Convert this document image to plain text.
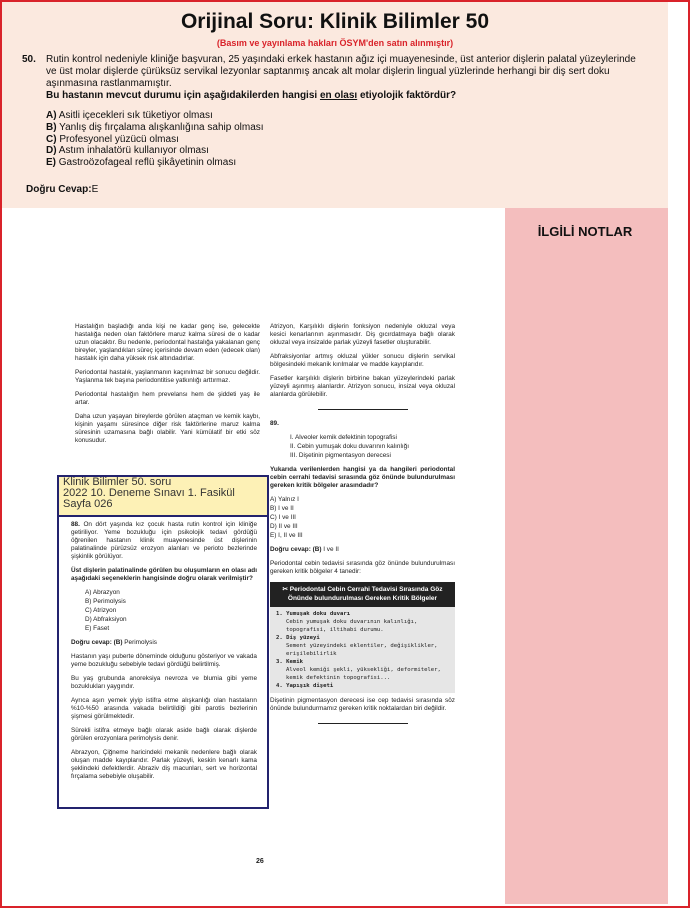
Orijinal Soru: Klinik Bilimler 50
(Basım ve yayınlama hakları ÖSYM'den satın alınmıştır)
50. Rutin kontrol nedeniyle kliniğe başvuran, 25 yaşındaki erkek hastanın ağız içi muayenesinde, üst anterior dişlerin palatal yüzeylerinde ve üst molar dişlerde çürüksüz servikal lezyonlar saptanmış ancak alt molar dişlerin lingual yüzlerinde herhangi bir diş sert doku aşınmasına rastlanmamıştır.
Bu hastanın mevcut durumu için aşağıdakilerden hangisi en olası etiyolojik faktördür?
A) Asitli içecekleri sık tüketiyor olması
B) Yanlış diş fırçalama alışkanlığına sahip olması
C) Profesyonel yüzücü olması
D) Astım inhalatörü kullanıyor olması
E) Gastroözofageal reflü şikâyetinin olması
Doğru Cevap:E
İLGİLİ NOTLAR

Hastalığın başladığı anda kişi ne kadar genç ise, gelecekte hastalığa neden olan faktörlere maruz kalma süresi de o kadar uzun olacaktır. Bu nedenle, periodontal hastalığa yakalanan genç bireyler, yaşlandıkları süreç içerisinde devam eden (edecek olan) hastalık için daha yüksek risk altındadırlar.

Periodontal hastalık, yaşlanmanın kaçınılmaz bir sonucu değildir. Yaşlanma tek başına periodontitise yatkınlığı arttırmaz.

Periodontal hastalığın hem prevelansı hem de şiddeti yaş ile artar.

Daha uzun yaşayan bireylerde görülen ataçman ve kemik kaybı, kişinin yaşamı süresince diğer risk faktörlerine maruz kalma süresinin uzamasına bağlı olabilir. Yani kümülatif bir etki söz konusudur.

Atrizyon, Karşılıklı dişlerin fonksiyon nedeniyle okluzal veya kesici kenarlarının aşınmasıdır. Diş gıcırdatmaya bağlı olarak okluzal veya insizalde parlak yüzeyli fasetler oluşturabilir.

Abfraksiyonlar artmış okluzal yükler sonucu dişlerin servikal bölgesindeki mekanik kırılmalar ve madde kayıplarıdır.

Fasetler karşılıklı dişlerin birbirine bakan yüzeylerindeki parlak yüzeyli aşınmış alanlardır. Atrizyon sonucu, insizal veya okluzal alanlarda görülebilir.

89.

I. Alveoler kemik defektinin topografisi
II. Cebin yumuşak doku duvarının kalınlığı
III. Dişetinin pigmentasyon derecesi

Yukarıda verilenlerden hangisi ya da hangileri periodontal cebin cerrahi tedavisi sırasında göz önünde bulundurulması gereken kritik bölgeler arasındadır?

A) Yalnız I
B) I ve II
C) I ve III
D) II ve III
E) I, II ve III

Doğru cevap: (B) I ve II

Periodontal cebin tedavisi sırasında göz önünde bulundurulması gereken kritik bölgeler 4 tanedir:

✂ Periodontal Cebin Cerrahi Tedavisi Sırasında Göz Önünde bulundurulması Gereken Kritik Bölgeler
1. Yumuşak doku duvarı
Cebin yumuşak doku duvarının kalınlığı, topografisi, iltihabi durumu.
2. Diş yüzeyi
Sement yüzeyindeki eklentiler, değişiklikler, erişilebilirlik
3. Kemik
Alveol kemiği şekli, yüksekliği, deformiteler, kemik defektinin topografisi...
4. Yapışık dişeti

Dişetinin pigmentasyon derecesi ise cep tedavisi sırasında söz önünde bulundurmamız gereken kritik noktalardan biri değildir.

26
Klinik Bilimler 50. soru
2022 10. Deneme Sınavı 1. Fasikül
Sayfa 026

88. On dört yaşında kız çocuk hasta rutin kontrol için kliniğe getiriliyor. Yeme bozukluğu için psikolojik tedavi gördüğü öğrenilen hastanın klinik muayenesinde üst dişlerinin palatinalinde pürüzsüz erozyon alanları ve perioto bezlerinde şişkinlik görülüyor.

Üst dişlerin palatinalinde görülen bu oluşumların en olası adı aşağıdaki seçeneklerin hangisinde doğru olarak verilmiştir?

A) Abrazyon
B) Perimolysis
C) Atrizyon
D) Abfraksiyon
E) Faset

Doğru cevap: (B) Perimolysis

Hastanın yaşı puberte döneminde olduğunu gösteriyor ve vakada yeme bozukluğu sebebiyle tedavi gördüğü belirtilmiş.

Bu yaş grubunda anoreksiya nevroza ve blumia gibi yeme bozuklukları yaygındır.

Ayrıca aşırı yemek yiyip istifra etme alışkanlığı olan hastaların %10-%50 arasında vakada belirtildiği gibi parotis bezlerinin şişmesi görülmektedir.

Sürekli istifra etmeye bağlı olarak aside bağlı olarak dişlerde görülen erozyonlara perimolysis denir.

Abrazyon, Çiğneme haricindeki mekanik nedenlere bağlı olarak oluşan madde kayıplarıdır. Parlak yüzeyli, keskin kenarlı kama şeklindeki defektlerdir. Abraziv diş macunları, sert ve horizontal fırçalama sebebiyle oluşabilir.
